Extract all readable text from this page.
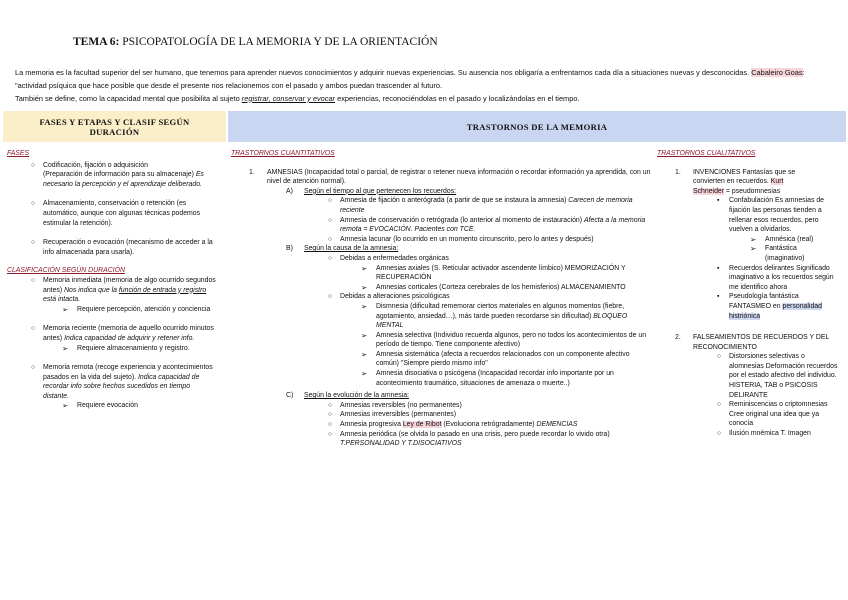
TEMA 6: PSICOPATOLOGÍA DE LA MEMORIA Y DE LA ORIENTACIÓN
La memoria es la facultad superior del ser humano, que tenemos para aprender nuevos conocimientos y adquirir nuevas experiencias. Su ausencia nos obligaría a enfrentarnos cada día a situaciones nuevas y desconocidas. Cabaleiro Goas: "actividad psíquica que hace posible que desde el presente nos relacionemos con el pasado y ambos puedan trascender al futuro.
También se define, como la capacidad mental que posibilita al sujeto registrar, conservar y evocar experiencias, reconociéndolas en el pasado y localizándolas en el tiempo.
FASES Y ETAPAS Y CLASIF SEGÚN DURACIÓN	TRASTORNOS DE LA MEMORIA
FASES
○ Codificación, fijación o adquisición
(Preparación de información para su almacenaje) Es necesario la percepción y el aprendizaje deliberado.
○ Almacenamiento, conservación o retención (es automático, aunque con algunas técnicas podemos estimular la retención).
○ Recuperación o evocación (mecanismo de acceder a la info almacenada para usarla).
CLASIFICACIÓN SEGÚN DURACIÓN
○ Memoria inmediata (memoria de algo ocurrido segundos antes) Nos indica que la función de entrada y registro está intacta.
➢ Requiere percepción, atención y conciencia
○ Memoria reciente (memoria de aquello ocurrido minutos antes) Indica capacidad de adquirir y retener info.
➢ Requiere almacenamiento y registro.
○ Memoria remota (recoge experiencia y acontecimientos pasados en la vida del sujeto). Indica capacidad de recordar info sobre hechos sucedidos en tiempo distante.
➢ Requiere evocación
TRASTORNOS CUANTITATIVOS
1. AMNESIAS (Incapacidad total o parcial, de registrar o retener nueva información o recordar información ya aprendida, con un nivel de atención normal).
A) Según el tiempo al que pertenecen los recuerdos:
○ Amnesia de fijación o anterógrada (a partir de que se instaura la amnesia) Carecen de memoria reciente
○ Amnesia de conservación o retrógrada (lo anterior al momento de instauración) Afecta a la memoria remota = EVOCACIÓN. Pacientes con TCE.
○ Amnesia lacunar (lo ocurrido en un momento circunscrito, pero lo antes y después)
B) Según la causa de la amnesia:
○ Debidas a enfermedades orgánicas
➢ Amnesias axiales (S. Reticular activador ascendente límbico) MEMORIZACIÓN Y RECUPERACIÓN
➢ Amnesias corticales (Corteza cerebrales de los hemisferios) ALMACENAMIENTO
○ Debidas a alteraciones psicológicas
➢ Dismnesia (dificultad rememorar ciertos materiales en algunos momentos (fiebre, agotamiento, ansiedad…), más tarde pueden recordarse sin dificultad) BLOQUEO MENTAL
➢ Amnesia selectiva (Individuo recuerda algunos, pero no todos los acontecimientos de un período de tiempo. Tiene componente afectivo)
➢ Amnesia sistemática (afecta a recuerdos relacionados con un componente afectivo común) "Siempre pierdo mismo info"
➢ Amnesia disociativa o psicógena (Incapacidad recordar info importante por un acontecimiento traumático, situaciones de amenaza o muerte..)
C) Según la evolución de la amnesia:
○ Amnesias reversibles (no permanentes)
○ Amnesias irreversibles (permanentes)
○ Amnesia progresiva Ley de Ribot (Evoluciona retrógradamente) DEMENCIAS
○ Amnesia periódica (se olvida lo pasado en una crisis, pero puede recordar lo vivido otra) T.PERSONALIDAD Y T.DISOCIATIVOS
TRASTORNOS CUALITATIVOS
1. INVENCIONES Fantasías que se convierten en recuerdos. Kurt Schneider = pseudomnesias
▪ Confabulación Es amnesias de fijación las personas tienden a rellenar esos recuerdos, pero vuelven a olvidarlos.
➢ Amnésica (real)
➢ Fantástica (imaginativo)
▪ Recuerdos delirantes Significado imaginativo a los recuerdos según me identifico ahora
▪ Pseudología fantástica FANTASMEO en personalidad histriónica
2. FALSEAMIENTOS DE RECUERDOS Y DEL RECONOCIMIENTO
○ Distorsiones selectivas o alomnesias Deformación recuerdos por el estado afectivo del individuo. HISTERIA, TAB o PSICOSIS DELIRANTE
○ Reminiscencias o criptomnesias Cree original una idea que ya conocía
○ Ilusión mnémica T. Imagen
